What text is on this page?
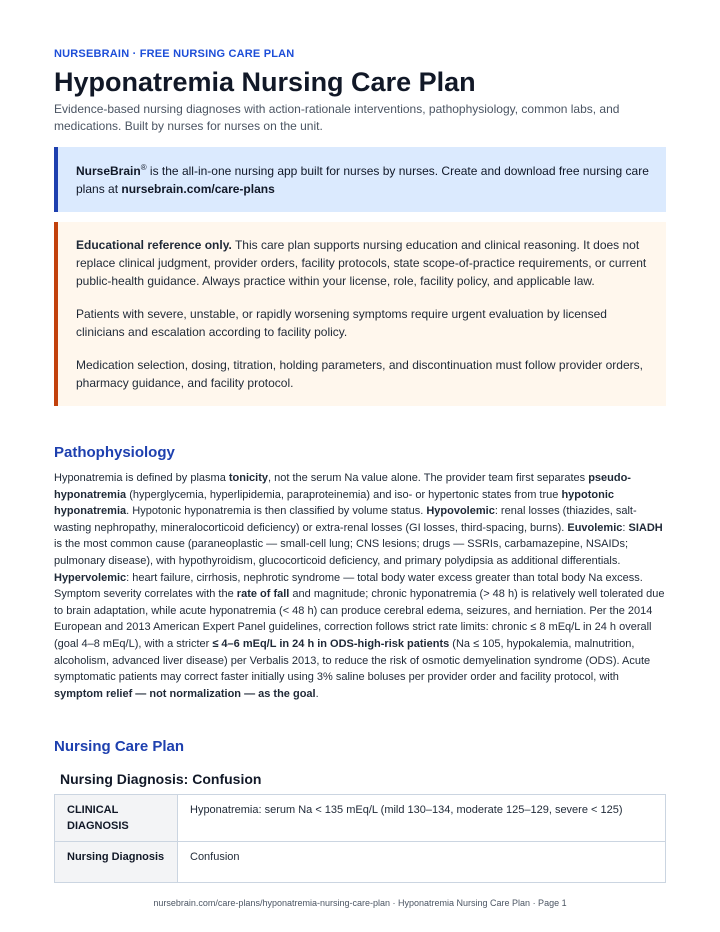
NURSEBRAIN · FREE NURSING CARE PLAN
Hyponatremia Nursing Care Plan
Evidence-based nursing diagnoses with action-rationale interventions, pathophysiology, common labs, and medications. Built by nurses for nurses on the unit.
NurseBrain® is the all-in-one nursing app built for nurses by nurses. Create and download free nursing care plans at nursebrain.com/care-plans

Educational reference only. This care plan supports nursing education and clinical reasoning. It does not replace clinical judgment, provider orders, facility protocols, state scope-of-practice requirements, or current public-health guidance. Always practice within your license, role, facility policy, and applicable law.

Patients with severe, unstable, or rapidly worsening symptoms require urgent evaluation by licensed clinicians and escalation according to facility policy.

Medication selection, dosing, titration, holding parameters, and discontinuation must follow provider orders, pharmacy guidance, and facility protocol.

Pathophysiology
Hyponatremia is defined by plasma tonicity, not the serum Na value alone. The provider team first separates pseudo-hyponatremia (hyperglycemia, hyperlipidemia, paraproteinemia) and iso- or hypertonic states from true hypotonic hyponatremia. Hypotonic hyponatremia is then classified by volume status. Hypovolemic: renal losses (thiazides, salt-wasting nephropathy, mineralocorticoid deficiency) or extra-renal losses (GI losses, third-spacing, burns). Euvolemic: SIADH is the most common cause (paraneoplastic — small-cell lung; CNS lesions; drugs — SSRIs, carbamazepine, NSAIDs; pulmonary disease), with hypothyroidism, glucocorticoid deficiency, and primary polydipsia as additional differentials. Hypervolemic: heart failure, cirrhosis, nephrotic syndrome — total body water excess greater than total body Na excess. Symptom severity correlates with the rate of fall and magnitude; chronic hyponatremia (> 48 h) is relatively well tolerated due to brain adaptation, while acute hyponatremia (< 48 h) can produce cerebral edema, seizures, and herniation. Per the 2014 European and 2013 American Expert Panel guidelines, correction follows strict rate limits: chronic ≤ 8 mEq/L in 24 h overall (goal 4–8 mEq/L), with a stricter ≤ 4–6 mEq/L in 24 h in ODS-high-risk patients (Na ≤ 105, hypokalemia, malnutrition, alcoholism, advanced liver disease) per Verbalis 2013, to reduce the risk of osmotic demyelination syndrome (ODS). Acute symptomatic patients may correct faster initially using 3% saline boluses per provider order and facility protocol, with symptom relief — not normalization — as the goal.
Nursing Care Plan
Nursing Diagnosis: Confusion
CLINICAL DIAGNOSIS	Hyponatremia: serum Na < 135 mEq/L (mild 130–134, moderate 125–129, severe < 125)
Nursing Diagnosis	Confusion
nursebrain.com/care-plans/hyponatremia-nursing-care-plan · Hyponatremia Nursing Care Plan · Page 1
